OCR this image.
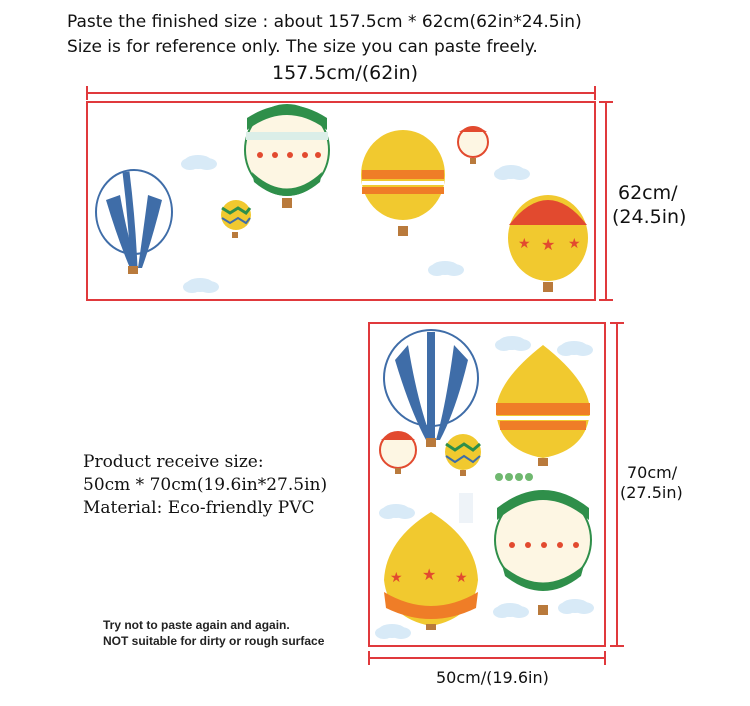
Paste the finished size : about 157.5cm * 62cm(62in*24.5in)
Size is for reference only. The size you can paste freely.
157.5cm/(62in)
62cm/
(24.5in)
★ ★ ★
70cm/
(27.5in)
50cm/(19.6in)
★ ★ ★
Product receive size:
50cm * 70cm(19.6in*27.5in)
Material: Eco-friendly PVC
Try not to paste again and again.
NOT suitable for dirty or rough surface
